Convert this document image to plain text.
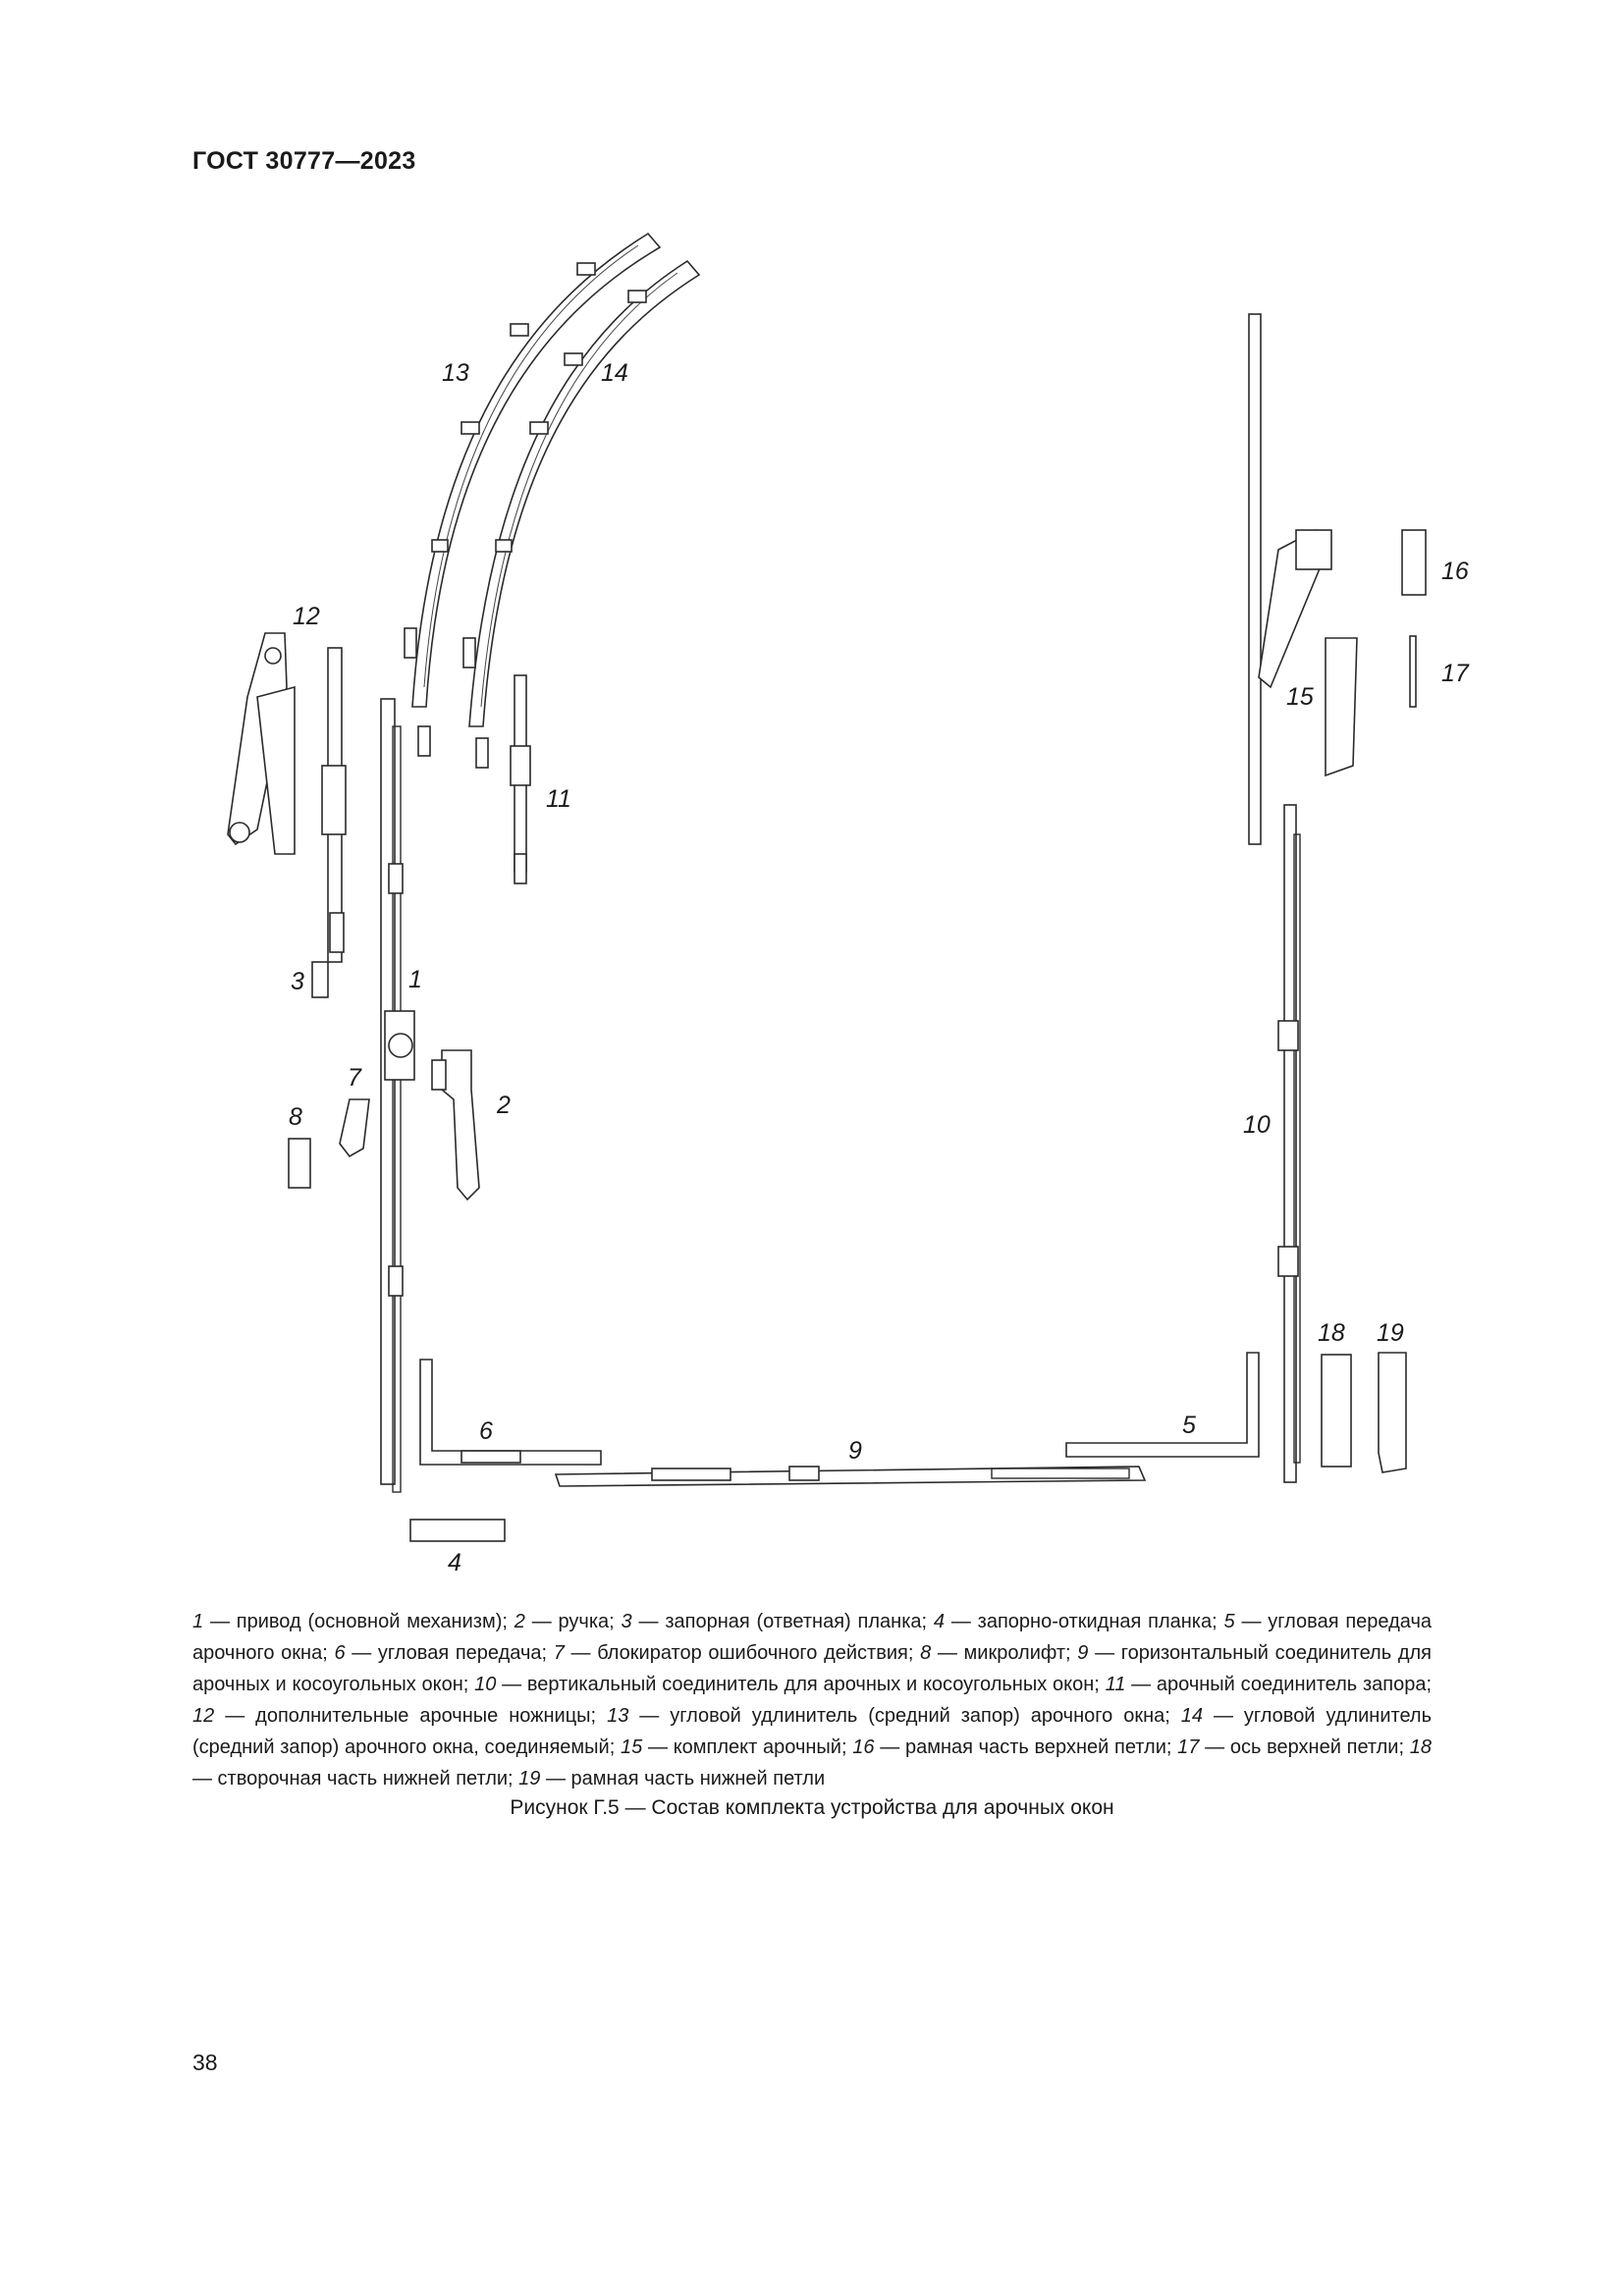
ГОСТ 30777—2023
13	14
12
11
1
3
7
2
8
6
9
4
5
10
18 19
16
17
15
1 — привод (основной механизм); 2 — ручка; 3 — запорная (ответная) планка; 4 — запорно-откидная планка; 5 — угловая передача арочного окна; 6 — угловая передача; 7 — блокиратор ошибочного действия; 8 — микролифт; 9 — горизонтальный соединитель для арочных и косоугольных окон; 10 — вертикальный соединитель для арочных и косоугольных окон; 11 — арочный соединитель запора; 12 — дополнительные арочные ножницы; 13 — угловой удлинитель (средний запор) арочного окна; 14 — угловой удлинитель (средний запор) арочного окна, соединяемый; 15 — комплект арочный; 16 — рамная часть верхней петли; 17 — ось верхней петли; 18 — створочная часть нижней петли; 19 — рамная часть нижней петли
Рисунок Г.5 — Состав комплекта устройства для арочных окон
38
